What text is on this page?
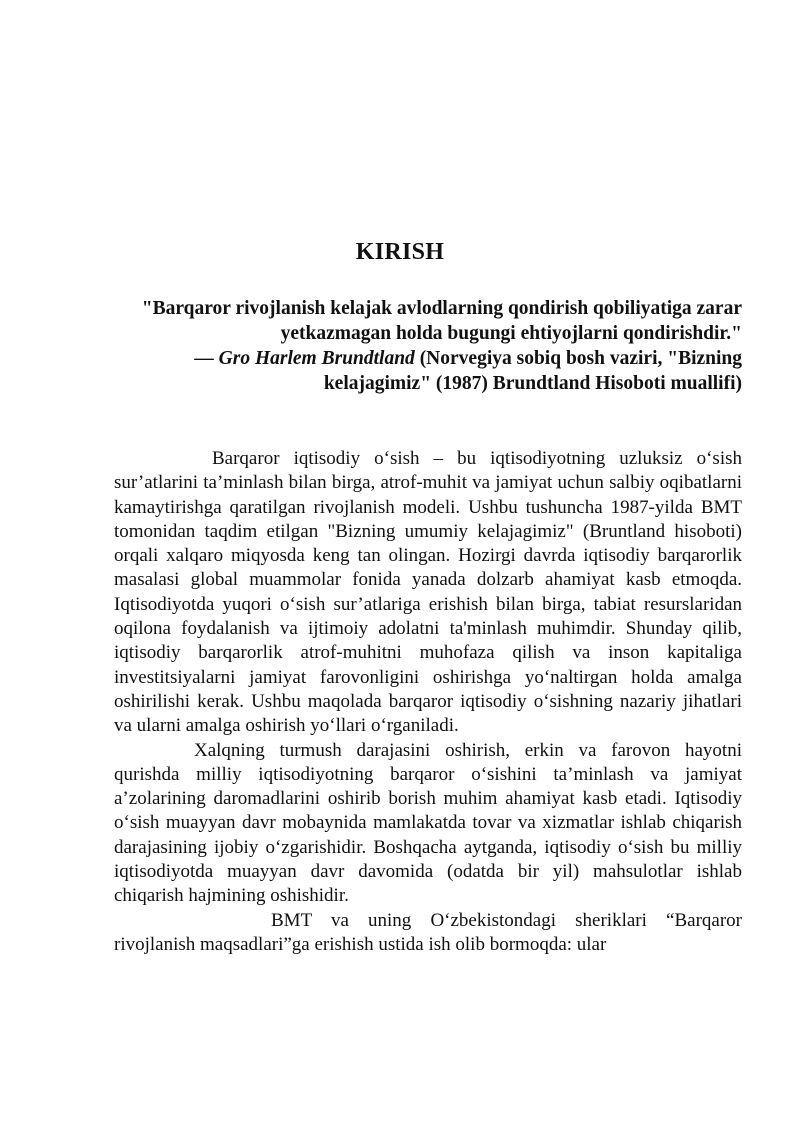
KIRISH

"Barqaror rivojlanish kelajak avlodlarning qondirish qobiliyatiga zarar yetkazmagan holda bugungi ehtiyojlarni qondirishdir."

— Gro Harlem Brundtland (Norvegiya sobiq bosh vaziri, "Bizning kelajagimiz" (1987) Brundtland Hisoboti muallifi)

Barqaror iqtisodiy o‘sish – bu iqtisodiyotning uzluksiz o‘sish sur’atlarini ta’minlash bilan birga, atrof-muhit va jamiyat uchun salbiy oqibatlarni kamaytirishga qaratilgan rivojlanish modeli. Ushbu tushuncha 1987-yilda BMT tomonidan taqdim etilgan "Bizning umumiy kelajagimiz" (Bruntland hisoboti) orqali xalqaro miqyosda keng tan olingan. Hozirgi davrda iqtisodiy barqarorlik masalasi global muammolar fonida yanada dolzarb ahamiyat kasb etmoqda. Iqtisodiyotda yuqori o‘sish sur’atlariga erishish bilan birga, tabiat resurslaridan oqilona foydalanish va ijtimoiy adolatni ta'minlash muhimdir. Shunday qilib, iqtisodiy barqarorlik atrof-muhitni muhofaza qilish va inson kapitaliga investitsiyalarni jamiyat farovonligini oshirishga yo‘naltirgan holda amalga oshirilishi kerak. Ushbu maqolada barqaror iqtisodiy o‘sishning nazariy jihatlari va ularni amalga oshirish yo‘llari o‘rganiladi.

Xalqning turmush darajasini oshirish, erkin va farovon hayotni qurishda milliy iqtisodiyotning barqaror o‘sishini ta’minlash va jamiyat a’zolarining daromadlarini oshirib borish muhim ahamiyat kasb etadi. Iqtisodiy o‘sish muayyan davr mobaynida mamlakatda tovar va xizmatlar ishlab chiqarish darajasining ijobiy o‘zgarishidir. Boshqacha aytganda, iqtisodiy o‘sish bu milliy iqtisodiyotda muayyan davr davomida (odatda bir yil) mahsulotlar ishlab chiqarish hajmining oshishidir.

BMT va uning O‘zbekistondagi sheriklari “Barqaror rivojlanish maqsadlari”ga erishish ustida ish olib bormoqda: ular
